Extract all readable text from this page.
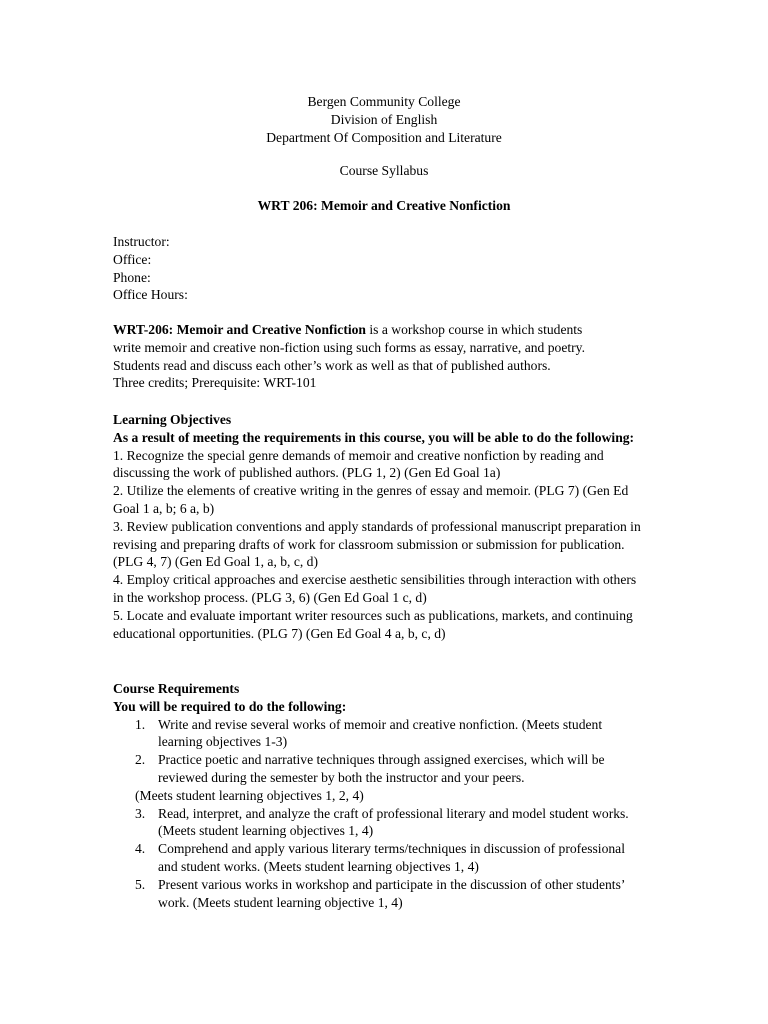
Bergen Community College
Division of English
Department Of Composition and Literature
Course Syllabus
WRT 206: Memoir and Creative Nonfiction
Instructor:
Office:
Phone:
Office Hours:

WRT-206: Memoir and Creative Nonfiction is a workshop course in which students

write memoir and creative non-fiction using such forms as essay, narrative, and poetry.

Students read and discuss each other’s work as well as that of published authors.

Three credits; Prerequisite: WRT-101

Learning Objectives

As a result of meeting the requirements in this course, you will be able to do the following:

1. Recognize the special genre demands of memoir and creative nonfiction by reading and discussing the work of published authors. (PLG 1, 2) (Gen Ed Goal 1a)

2. Utilize the elements of creative writing in the genres of essay and memoir. (PLG 7) (Gen Ed Goal 1 a, b; 6 a, b)

3. Review publication conventions and apply standards of professional manuscript preparation in revising and preparing drafts of work for classroom submission or submission for publication. (PLG 4, 7) (Gen Ed Goal 1, a, b, c, d)

4. Employ critical approaches and exercise aesthetic sensibilities through interaction with others in the workshop process. (PLG 3, 6) (Gen Ed Goal 1 c, d)

5. Locate and evaluate important writer resources such as publications, markets, and continuing educational opportunities. (PLG 7) (Gen Ed Goal 4 a, b, c, d)

Course Requirements

You will be required to do the following:

1. Write and revise several works of memoir and creative nonfiction. (Meets student learning objectives 1-3)
2. Practice poetic and narrative techniques through assigned exercises, which will be reviewed during the semester by both the instructor and your peers.

(Meets student learning objectives 1, 2, 4)

3. Read, interpret, and analyze the craft of professional literary and model student works.(Meets student learning objectives 1, 4)
4. Comprehend and apply various literary terms/techniques in discussion of professional and student works. (Meets student learning objectives 1, 4)
5. Present various works in workshop and participate in the discussion of other students’ work. (Meets student learning objective 1, 4)
